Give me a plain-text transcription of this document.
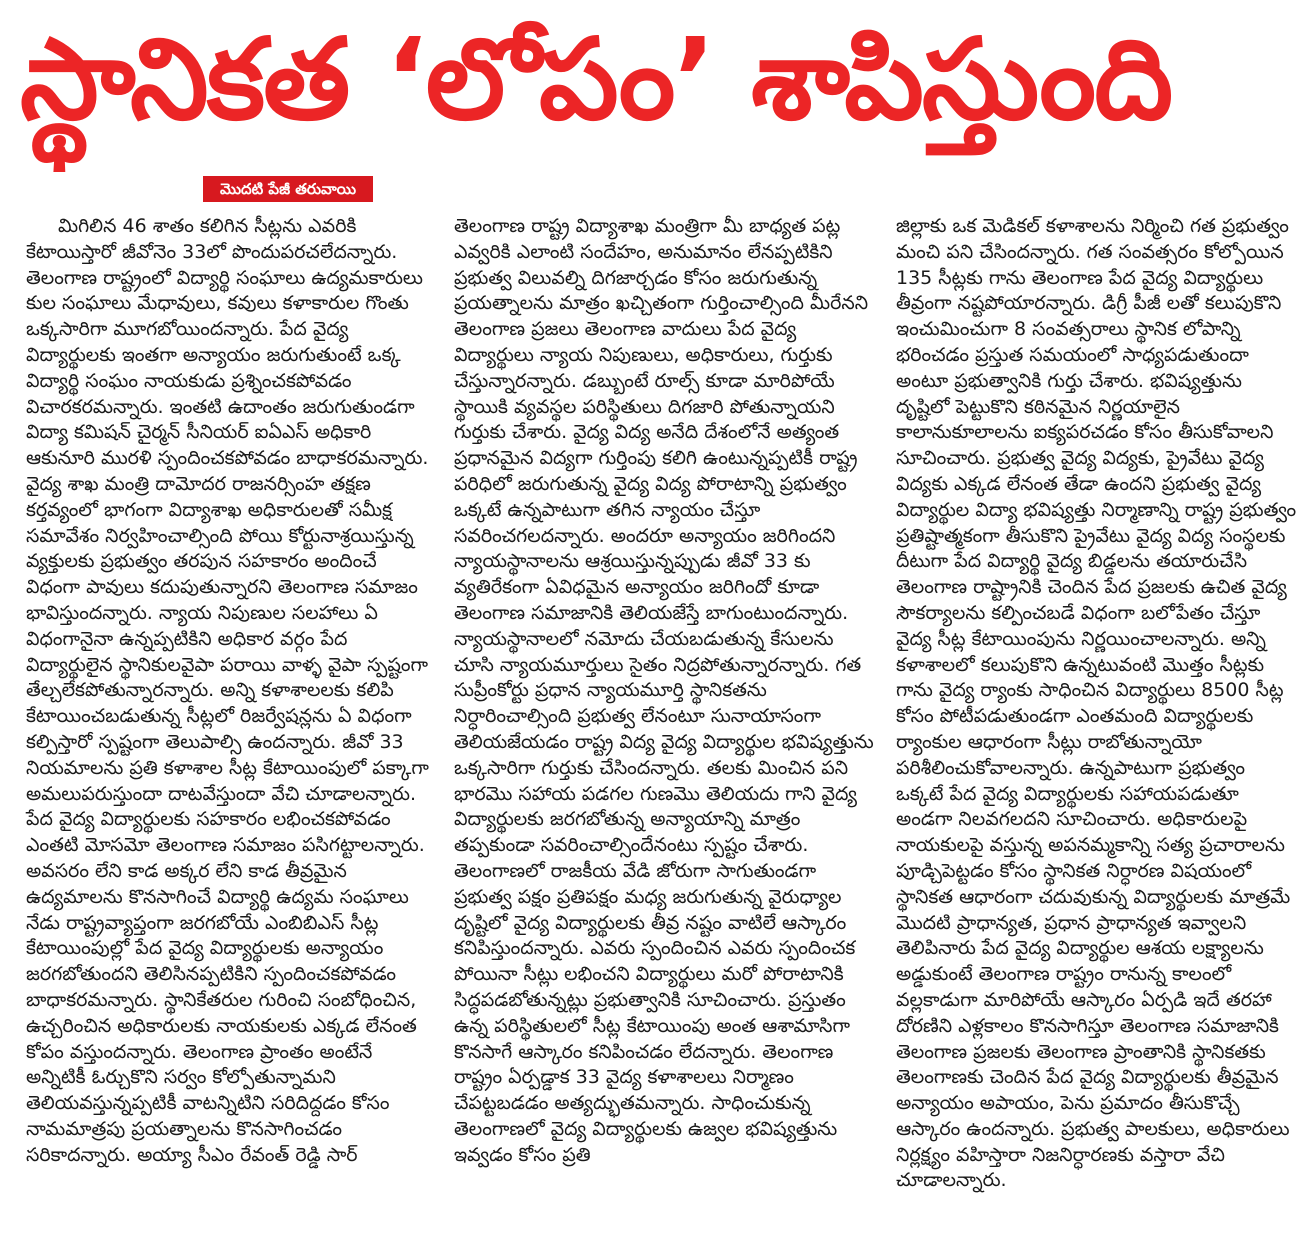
స్థానికత ‘లోపం’ శాపిస్తుంది
మొదటి పేజీ తరువాయి

మిగిలిన 46 శాతం కలిగిన సీట్లను ఎవరికి కేటాయిస్తారో జీవోనెం 33లో పొందుపరచలేదన్నారు. తెలంగాణ రాష్ట్రంలో విద్యార్థి సంఘాలు ఉద్యమకారులు కుల సంఘాలు మేధావులు, కవులు కళాకారుల గొంతు ఒక్కసారిగా మూగబోయిందన్నారు. పేద వైద్య విద్యార్థులకు ఇంతగా అన్యాయం జరుగుతుంటే ఒక్క విద్యార్థి సంఘం నాయకుడు ప్రశ్నించకపోవడం విచారకరమన్నారు. ఇంతటి ఉదాంతం జరుగుతుండగా విద్యా కమిషన్ చైర్మన్ సీనియర్ ఐఏఎస్ అధికారి ఆకునూరి మురళి స్పందించకపోవడం బాధాకరమన్నారు. వైద్య శాఖ మంత్రి దామోదర రాజనర్సింహ తక్షణ కర్తవ్యంలో భాగంగా విద్యాశాఖ అధికారులతో సమీక్ష సమావేశం నిర్వహించాల్సింది పోయి కోర్టునాశ్రయిస్తున్న వ్యక్తులకు ప్రభుత్వం తరపున సహకారం అందించే విధంగా పావులు కదుపుతున్నారని తెలంగాణ సమాజం భావిస్తుందన్నారు. న్యాయ నిపుణుల సలహాలు ఏ విధంగానైనా ఉన్నప్పటికిని అధికార వర్గం పేద విద్యార్థులైన స్థానికులవైపా పరాయి వాళ్ళ వైపా స్పష్టంగా తేల్చలేకపోతున్నారన్నారు. అన్ని కళాశాలలకు కలిపి కేటాయించబడుతున్న సీట్లలో రిజర్వేషన్లను ఏ విధంగా కల్పిస్తారో స్పష్టంగా తెలుపాల్సి ఉందన్నారు. జీవో 33 నియమాలను ప్రతి కళాశాల సీట్ల కేటాయింపులో పక్కాగా అమలుపరుస్తుందా దాటవేస్తుందా వేచి చూడాలన్నారు. పేద వైద్య విద్యార్థులకు సహకారం లభించకపోవడం ఎంతటి మోసమో తెలంగాణ సమాజం పసిగట్టాలన్నారు. అవసరం లేని కాడ అక్కర లేని కాడ తీవ్రమైన ఉద్యమాలను కొనసాగించే విద్యార్థి ఉద్యమ సంఘాలు నేడు రాష్ట్రవ్యాప్తంగా జరగబోయే ఎంబిబిఎస్ సీట్ల కేటాయింపుల్లో పేద వైద్య విద్యార్థులకు అన్యాయం జరగబోతుందని తెలిసినప్పటికిని స్పందించకపోవడం బాధాకరమన్నారు. స్థానికేతరుల గురించి సంబోధించిన, ఉచ్చరించిన అధికారులకు నాయకులకు ఎక్కడ లేనంత కోపం వస్తుందన్నారు. తెలంగాణ ప్రాంతం అంటేనే అన్నిటికీ ఓర్చుకొని సర్వం కోల్పోతున్నామని తెలియవస్తున్నప్పటికీ వాటన్నిటిని సరిదిద్దడం కోసం నామమాత్రపు ప్రయత్నాలను కొనసాగించడం సరికాదన్నారు. అయ్యా సీఎం రేవంత్ రెడ్డి సార్

తెలంగాణ రాష్ట్ర విద్యాశాఖ మంత్రిగా మీ బాధ్యత పట్ల ఎవ్వరికి ఎలాంటి సందేహం, అనుమానం లేనప్పటికిని ప్రభుత్వ విలువల్ని దిగజార్చడం కోసం జరుగుతున్న ప్రయత్నాలను మాత్రం ఖచ్చితంగా గుర్తించాల్సింది మీరేనని తెలంగాణ ప్రజలు తెలంగాణ వాదులు పేద వైద్య విద్యార్థులు న్యాయ నిపుణులు, అధికారులు, గుర్తుకు చేస్తున్నారన్నారు. డబ్బుంటే రూల్స్ కూడా మారిపోయే స్థాయికి వ్యవస్థల పరిస్థితులు దిగజారి పోతున్నాయని గుర్తుకు చేశారు. వైద్య విద్య అనేది దేశంలోనే అత్యంత ప్రధానమైన విద్యగా గుర్తింపు కలిగి ఉంటున్నప్పటికీ రాష్ట్ర పరిధిలో జరుగుతున్న వైద్య విద్య పోరాటాన్ని ప్రభుత్వం ఒక్కటే ఉన్నపాటుగా తగిన న్యాయం చేస్తూ సవరించగలదన్నారు. అందరూ అన్యాయం జరిగిందని న్యాయస్థానాలను ఆశ్రయిస్తున్నప్పుడు జీవో 33 కు వ్యతిరేకంగా ఏవిధమైన అన్యాయం జరిగిందో కూడా తెలంగాణ సమాజానికి తెలియజేస్తే బాగుంటుందన్నారు. న్యాయస్థానాలలో నమోదు చేయబడుతున్న కేసులను చూసి న్యాయమూర్తులు సైతం నిద్రపోతున్నారన్నారు. గత సుప్రీంకోర్టు ప్రధాన న్యాయమూర్తి స్థానికతను నిర్ధారించాల్సింది ప్రభుత్వ లేనంటూ సునాయాసంగా తెలియజేయడం రాష్ట్ర విద్య వైద్య విద్యార్థుల భవిష్యత్తును ఒక్కసారిగా గుర్తుకు చేసిందన్నారు. తలకు మించిన పని భారమొ సహాయ పడగల గుణమొ తెలియదు గాని వైద్య విద్యార్థులకు జరగబోతున్న అన్యాయాన్ని మాత్రం తప్పకుండా సవరించాల్సిందేనంటు స్పష్టం చేశారు. తెలంగాణలో రాజకీయ వేడి జోరుగా సాగుతుండగా ప్రభుత్వ పక్షం ప్రతిపక్షం మధ్య జరుగుతున్న వైరుధ్యాల దృష్టిలో వైద్య విద్యార్థులకు తీవ్ర నష్టం వాటిలే ఆస్కారం కనిపిస్తుందన్నారు. ఎవరు స్పందించిన ఎవరు స్పందించక పోయినా సీట్లు లభించని విద్యార్థులు మరో పోరాటానికి సిద్ధపడబోతున్నట్లు ప్రభుత్వానికి సూచించారు. ప్రస్తుతం ఉన్న పరిస్థితులలో సీట్ల కేటాయింపు అంత ఆశామాసిగా కొనసాగే ఆస్కారం కనిపించడం లేదన్నారు. తెలంగాణ రాష్ట్రం ఏర్పడ్డాక 33 వైద్య కళాశాలలు నిర్మాణం చేపట్టబడడం అత్యద్భుతమన్నారు. సాధించుకున్న తెలంగాణలో వైద్య విద్యార్థులకు ఉజ్వల భవిష్యత్తును ఇవ్వడం కోసం ప్రతి

జిల్లాకు ఒక మెడికల్ కళాశాలను నిర్మించి గత ప్రభుత్వం మంచి పని చేసిందన్నారు. గత సంవత్సరం కోల్పోయిన 135 సీట్లకు గాను తెలంగాణ పేద వైద్య విద్యార్థులు తీవ్రంగా నష్టపోయారన్నారు. డిగ్రీ పీజీ లతో కలుపుకొని ఇంచుమించుగా 8 సంవత్సరాలు స్థానిక లోపాన్ని భరించడం ప్రస్తుత సమయంలో సాధ్యపడుతుందా అంటూ ప్రభుత్వానికి గుర్తు చేశారు. భవిష్యత్తును దృష్టిలో పెట్టుకొని కఠినమైన నిర్ణయాలైన కాలానుకూలాలను ఐక్యపరచడం కోసం తీసుకోవాలని సూచించారు. ప్రభుత్వ వైద్య విద్యకు, ప్రైవేటు వైద్య విద్యకు ఎక్కడ లేనంత తేడా ఉందని ప్రభుత్వ వైద్య విద్యార్థుల విద్యా భవిష్యత్తు నిర్మాణాన్ని రాష్ట్ర ప్రభుత్వం ప్రతిష్టాత్మకంగా తీసుకొని ప్రైవేటు వైద్య విద్య సంస్థలకు దీటుగా పేద విద్యార్థి వైద్య బిడ్డలను తయారుచేసి తెలంగాణ రాష్ట్రానికి చెందిన పేద ప్రజలకు ఉచిత వైద్య సౌకర్యాలను కల్పించబడే విధంగా బలోపేతం చేస్తూ వైద్య సీట్ల కేటాయింపును నిర్ణయించాలన్నారు. అన్ని కళాశాలలో కలుపుకొని ఉన్నటువంటి మొత్తం సీట్లకు గాను వైద్య ర్యాంకు సాధించిన విద్యార్థులు 8500 సీట్ల కోసం పోటీపడుతుండగా ఎంతమంది విద్యార్థులకు ర్యాంకుల ఆధారంగా సీట్లు రాబోతున్నాయో పరిశీలించుకోవాలన్నారు. ఉన్నపాటుగా ప్రభుత్వం ఒక్కటే పేద వైద్య విద్యార్థులకు సహాయపడుతూ అండగా నిలవగలదని సూచించారు. అధికారులపై నాయకులపై వస్తున్న అపనమ్మకాన్ని సత్య ప్రచారాలను పూడ్చిపెట్టడం కోసం స్థానికత నిర్ధారణ విషయంలో స్థానికత ఆధారంగా చదువుకున్న విద్యార్థులకు మాత్రమే మొదటి ప్రాధాన్యత, ప్రధాన ప్రాధాన్యత ఇవ్వాలని తెలిపినారు పేద వైద్య విద్యార్థుల ఆశయ లక్ష్యాలను అడ్డుకుంటే తెలంగాణ రాష్ట్రం రానున్న కాలంలో వల్లకాడుగా మారిపోయే ఆస్కారం ఏర్పడి ఇదే తరహా దోరణిని ఎళ్లకాలం కొనసాగిస్తూ తెలంగాణ సమాజానికి తెలంగాణ ప్రజలకు తెలంగాణ ప్రాంతానికి స్థానికతకు తెలంగాణకు చెందిన పేద వైద్య విద్యార్థులకు తీవ్రమైన అన్యాయం అపాయం, పెను ప్రమాదం తీసుకొచ్చే ఆస్కారం ఉందన్నారు. ప్రభుత్వ పాలకులు, అధికారులు నిర్లక్ష్యం వహిస్తారా నిజనిర్ధారణకు వస్తారా వేచి చూడాలన్నారు.
